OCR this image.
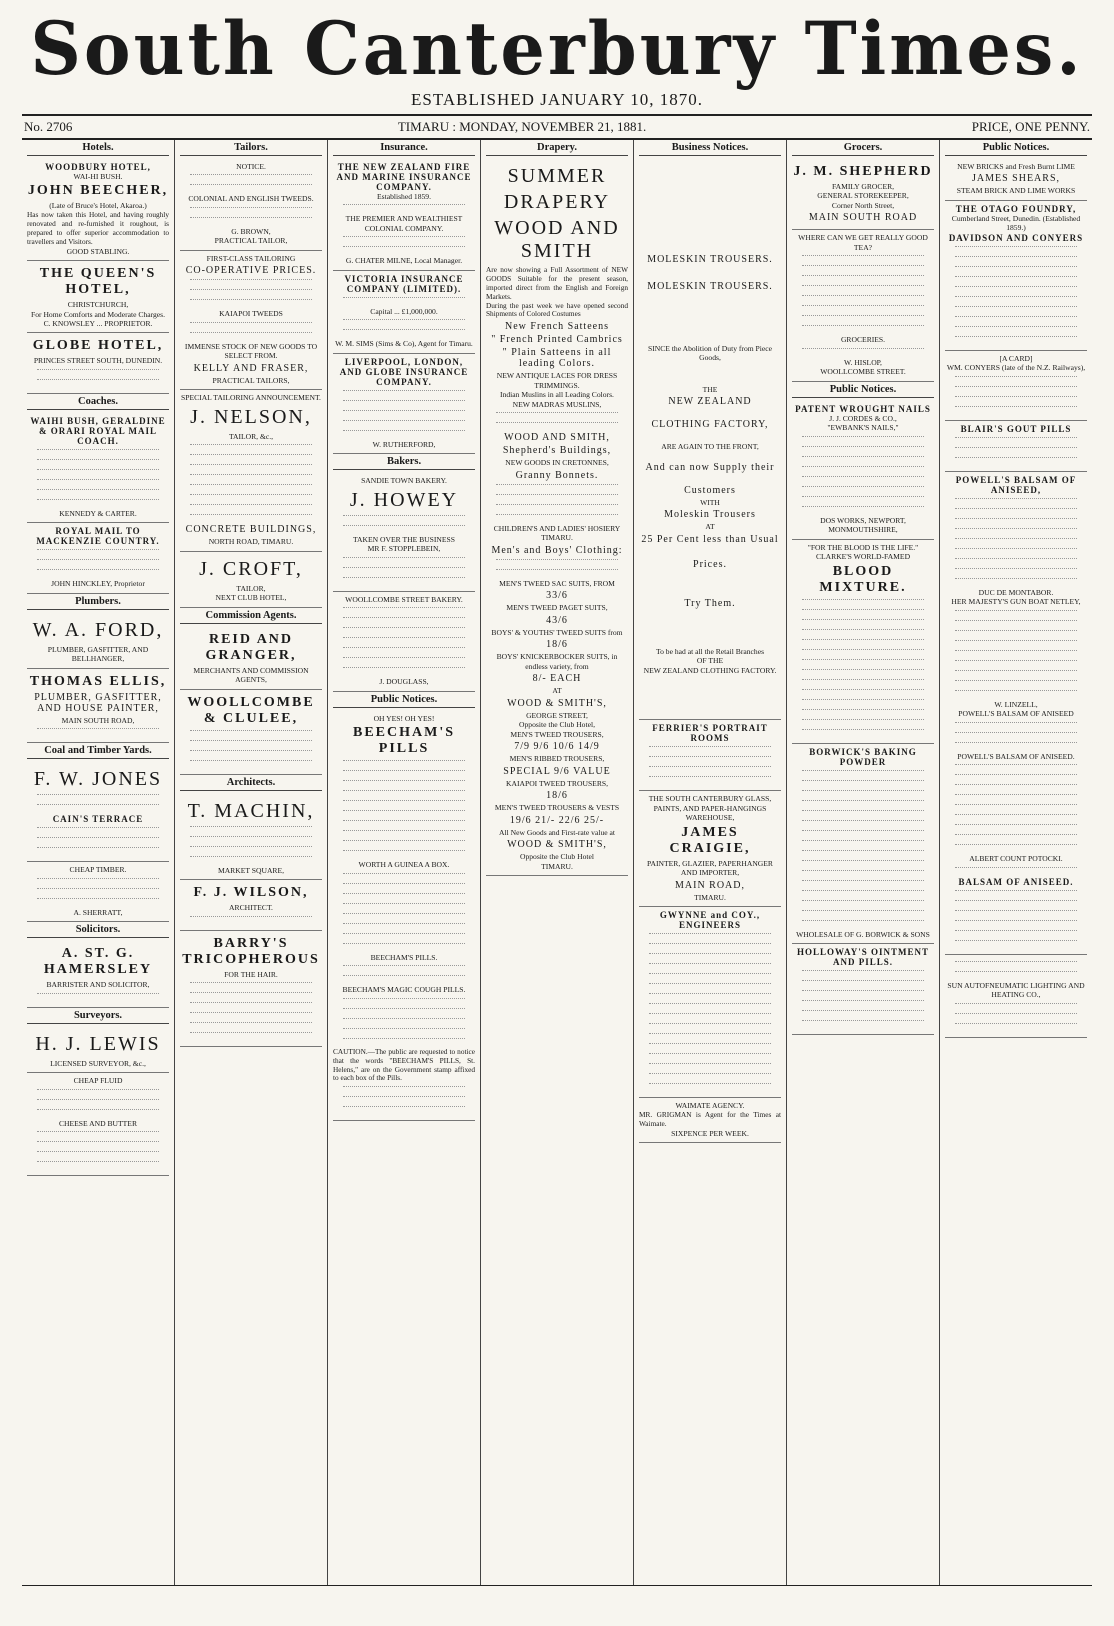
South Canterbury Times.
ESTABLISHED JANUARY 10, 1870.
No. 2706	TIMARU : MONDAY, NOVEMBER 21, 1881.	PRICE, ONE PENNY.
Hotels.
WOODBURY HOTEL,
WAI-HI BUSH.
JOHN BEECHER,
(Late of Bruce's Hotel, Akaroa.)
Has now taken this Hotel, and having roughly renovated and re-furnished it roughout, is prepared to offer superior accommodation to travellers and Visitors.
GOOD STABLING.
THE QUEEN'S HOTEL,
CHRISTCHURCH,
For Home Comforts and Moderate Charges.
C. KNOWSLEY ... PROPRIETOR.
GLOBE HOTEL,
PRINCES STREET SOUTH, DUNEDIN.
Coaches.
WAIHI BUSH, GERALDINE & ORARI ROYAL MAIL COACH.
KENNEDY & CARTER.
ROYAL MAIL TO MACKENZIE COUNTRY.
JOHN HINCKLEY, Proprietor
Plumbers.
W. A. FORD,
PLUMBER, GASFITTER, AND BELLHANGER,
THOMAS ELLIS,
PLUMBER, GASFITTER, AND HOUSE PAINTER,
MAIN SOUTH ROAD,
Coal and Timber Yards.
F. W. JONES
CAIN'S TERRACE
CHEAP TIMBER.
A. SHERRATT,
Solicitors.
A. ST. G. HAMERSLEY
BARRISTER AND SOLICITOR,
Surveyors.
H. J. LEWIS
LICENSED SURVEYOR, &c.,
CHEAP FLUID
CHEESE AND BUTTER
Tailors.
NOTICE.
COLONIAL AND ENGLISH TWEEDS.
G. BROWN,
PRACTICAL TAILOR,
FIRST-CLASS TAILORING
CO-OPERATIVE PRICES.
KAIAPOI TWEEDS
IMMENSE STOCK OF NEW GOODS TO SELECT FROM.
KELLY AND FRASER,
PRACTICAL TAILORS,
SPECIAL TAILORING ANNOUNCEMENT.
J. NELSON,
TAILOR, &c.,
CONCRETE BUILDINGS,
NORTH ROAD, TIMARU.
J. CROFT,
TAILOR,
NEXT CLUB HOTEL,
Commission Agents.
REID AND GRANGER,
MERCHANTS AND COMMISSION AGENTS,
WOOLLCOMBE & CLULEE,
Architects.
T. MACHIN,
MARKET SQUARE,
F. J. WILSON,
ARCHITECT.
BARRY'S TRICOPHEROUS
FOR THE HAIR.
Insurance.
THE NEW ZEALAND FIRE AND MARINE INSURANCE COMPANY.
Established 1859.
THE PREMIER AND WEALTHIEST COLONIAL COMPANY.
G. CHATER MILNE, Local Manager.
VICTORIA INSURANCE COMPANY (LIMITED).
Capital ... £1,000,000.
W. M. SIMS (Sims & Co), Agent for Timaru.
LIVERPOOL, LONDON, AND GLOBE INSURANCE COMPANY.
W. RUTHERFORD,
Bakers.
SANDIE TOWN BAKERY.
J. HOWEY
TAKEN OVER THE BUSINESS
MR F. STOPPLEBEIN,
WOOLLCOMBE STREET BAKERY.
J. DOUGLASS,
Public Notices.
OH YES! OH YES!
BEECHAM'S PILLS
WORTH A GUINEA A BOX.
BEECHAM'S PILLS.
BEECHAM'S MAGIC COUGH PILLS.
CAUTION.—The public are requested to notice that the words "BEECHAM'S PILLS, St. Helens," are on the Government stamp affixed to each box of the Pills.
Drapery.
SUMMER
DRAPERY
WOOD AND SMITH
Are now showing a Full Assortment of NEW GOODS Suitable for the present season, imported direct from the English and Foreign Markets.
During the past week we have opened second Shipments of Colored Costumes
New French Satteens
" French Printed Cambrics
" Plain Satteens in all leading Colors.
NEW ANTIQUE LACES FOR DRESS TRIMMINGS.
Indian Muslins in all Leading Colors.
NEW MADRAS MUSLINS,
WOOD AND SMITH,
Shepherd's Buildings,
NEW GOODS IN CRETONNES,
Granny Bonnets.
CHILDREN'S AND LADIES' HOSIERY
TIMARU.
Men's and Boys' Clothing:
MEN'S TWEED SAC SUITS, FROM
33/6
MEN'S TWEED PAGET SUITS,
43/6
BOYS' & YOUTHS' TWEED SUITS from
18/6
BOYS' KNICKERBOCKER SUITS, in endless variety, from
8/- EACH
AT
WOOD & SMITH'S,
GEORGE STREET,
Opposite the Club Hotel,
MEN'S TWEED TROUSERS,
7/9 9/6 10/6 14/9
MEN'S RIBBED TROUSERS,
SPECIAL 9/6 VALUE
KAIAPOI TWEED TROUSERS,
18/6
MEN'S TWEED TROUSERS & VESTS
19/6 21/- 22/6 25/-
All New Goods and First-rate value at
WOOD & SMITH'S,
Opposite the Club Hotel
TIMARU.
Business Notices.
MOLESKIN TROUSERS.
MOLESKIN TROUSERS.
SINCE the Abolition of Duty from Piece Goods,
THE
NEW ZEALAND
CLOTHING FACTORY,
ARE AGAIN TO THE FRONT,
And can now Supply their
Customers
WITH
Moleskin Trousers
AT
25 Per Cent less than Usual
Prices.
Try Them.
To be had at all the Retail Branches
OF THE
NEW ZEALAND CLOTHING FACTORY.
FERRIER'S PORTRAIT ROOMS
THE SOUTH CANTERBURY GLASS, PAINTS, AND PAPER-HANGINGS WAREHOUSE,
JAMES CRAIGIE,
PAINTER, GLAZIER, PAPERHANGER AND IMPORTER,
MAIN ROAD,
TIMARU.
GWYNNE and COY., ENGINEERS
WAIMATE AGENCY.
MR. GRIGMAN is Agent for the Times at Waimate.
SIXPENCE PER WEEK.
Grocers.
J. M. SHEPHERD
FAMILY GROCER,
GENERAL STOREKEEPER,
Corner North Street,
MAIN SOUTH ROAD
WHERE CAN WE GET REALLY GOOD TEA?
GROCERIES.
W. HISLOP,
WOOLLCOMBE STREET.
Public Notices.
PATENT WROUGHT NAILS
J. J. CORDES & CO.,
"EWBANK'S NAILS,"
DOS WORKS, NEWPORT, MONMOUTHSHIRE,
"FOR THE BLOOD IS THE LIFE."
CLARKE'S WORLD-FAMED
BLOOD MIXTURE.
BORWICK'S BAKING POWDER
WHOLESALE OF G. BORWICK & SONS
HOLLOWAY'S OINTMENT AND PILLS.
Public Notices.
NEW BRICKS and Fresh Burnt LIME
JAMES SHEARS,
STEAM BRICK AND LIME WORKS
THE OTAGO FOUNDRY,
Cumberland Street, Dunedin. (Established 1859.)
DAVIDSON AND CONYERS
[A CARD]
WM. CONYERS (late of the N.Z. Railways),
BLAIR'S GOUT PILLS
POWELL'S BALSAM OF ANISEED,
DUC DE MONTABOR.
HER MAJESTY'S GUN BOAT NETLEY,
W. LINZELL,
POWELL'S BALSAM OF ANISEED
POWELL'S BALSAM OF ANISEED.
ALBERT COUNT POTOCKI.
BALSAM OF ANISEED.
SUN AUTOFNEUMATIC LIGHTING AND HEATING CO.,
